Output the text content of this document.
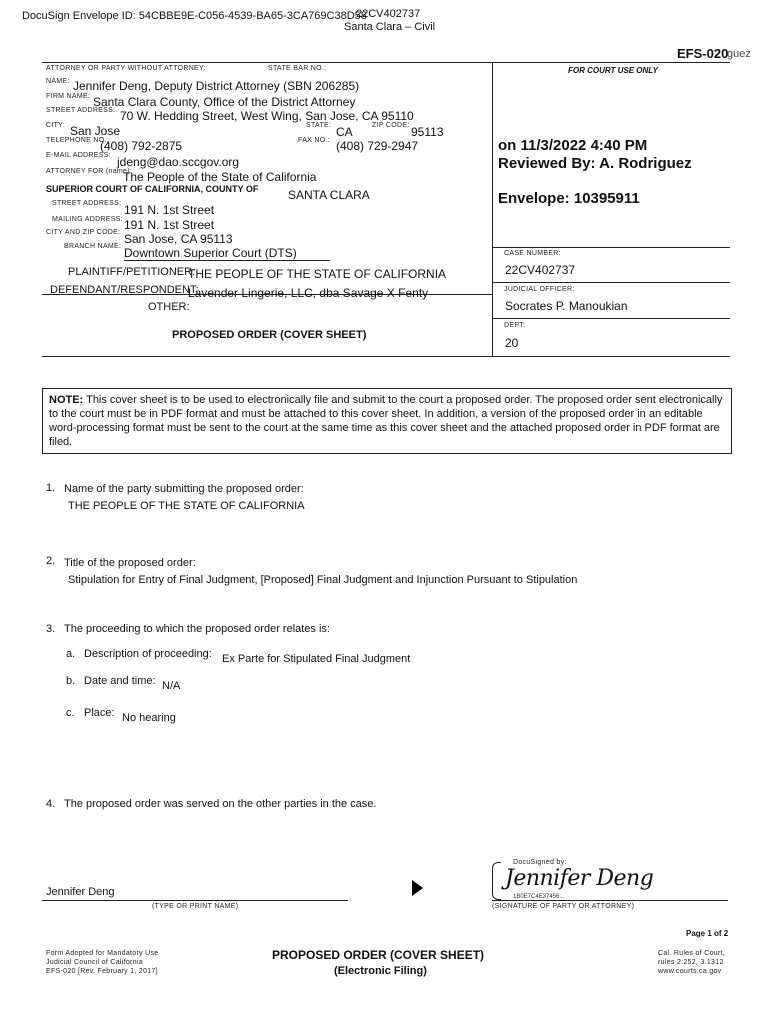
DocuSign Envelope ID: 54CBBE9E-C056-4539-BA65-3CA769C38D58
22CV402737
Santa Clara – Civil
EFS-020
guez
ATTORNEY OR PARTY WITHOUT ATTORNEY:	STATE BAR NO.:
NAME: Jennifer Deng, Deputy District Attorney (SBN 206285)
FIRM NAME: Santa Clara County, Office of the District Attorney
STREET ADDRESS: 70 W. Hedding Street, West Wing, San Jose, CA 95110
CITY: San Jose	STATE: CA	ZIP CODE: 95113
TELEPHONE NO.:
(408) 792-2875	FAX NO.: (408) 729-2947
E-MAIL ADDRESS: jdeng@dao.sccgov.org
ATTORNEY FOR (name):
The People of the State of California
SUPERIOR COURT OF CALIFORNIA, COUNTY OF SANTA CLARA
STREET ADDRESS: 191 N. 1st Street
MAILING ADDRESS: 191 N. 1st Street
CITY AND ZIP CODE: San Jose, CA 95113
BRANCH NAME: Downtown Superior Court (DTS)
PLAINTIFF/PETITIONER:
THE PEOPLE OF THE STATE OF CALIFORNIA
DEFENDANT/RESPONDENT:
Lavender Lingerie, LLC, dba Savage X Fenty
OTHER:
PROPOSED ORDER (COVER SHEET)
FOR COURT USE ONLY
on 11/3/2022 4:40 PM
Reviewed By: A. Rodriguez
Envelope: 10395911
CASE NUMBER:
22CV402737
JUDICIAL OFFICER:
Socrates P. Manoukian
DEPT:
20
NOTE: This cover sheet is to be used to electronically file and submit to the court a proposed order. The proposed order sent electronically to the court must be in PDF format and must be attached to this cover sheet. In addition, a version of the proposed order in an editable word-processing format must be sent to the court at the same time as this cover sheet and the attached proposed order in PDF format are filed.
1. Name of the party submitting the proposed order:
THE PEOPLE OF THE STATE OF CALIFORNIA
2. Title of the proposed order:
Stipulation for Entry of Final Judgment, [Proposed] Final Judgment and Injunction Pursuant to Stipulation
3. The proceeding to which the proposed order relates is:
a. Description of proceeding: Ex Parte for Stipulated Final Judgment
b. Date and time: N/A
c. Place: No hearing
4. The proposed order was served on the other parties in the case.
Jennifer Deng
(TYPE OR PRINT NAME)
DocuSigned by:
Jennifer Deng
1B0E7C4E37456...
(SIGNATURE OF PARTY OR ATTORNEY)
Page 1 of 2
Form Adopted for Mandatory Use
Judicial Council of California
EFS-020 [Rev. February 1, 2017]
PROPOSED ORDER (COVER SHEET)
(Electronic Filing)
Cal. Rules of Court,
rules 2.252, 3.1312
www.courts.ca.gov
